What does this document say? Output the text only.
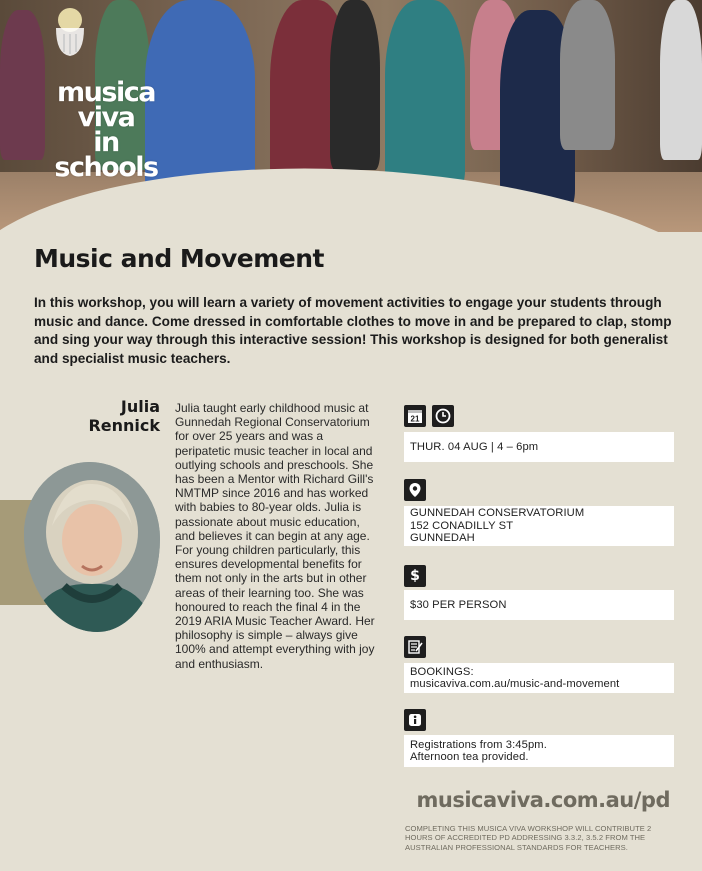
musica
viva
in
schools
Music and Movement

In this workshop, you will learn a variety of movement activities to engage your students through music and dance. Come dressed in comfortable clothes to move in and be prepared to clap, stomp and sing your way through this interactive session! This workshop is designed for both generalist and specialist music teachers.

Julia
Rennick

Julia taught early childhood music at Gunnedah Regional Conservatorium for over 25 years and was a peripatetic music teacher in local and outlying schools and preschools. She has been a Mentor with Richard Gill's NMTMP since 2016 and has worked with babies to 80-year olds. Julia is passionate about music education, and believes it can begin at any age. For young children particularly, this ensures developmental benefits for them not only in the arts but in other areas of their learning too. She was honoured to reach the final 4 in the 2019 ARIA Music Teacher Award. Her philosophy is simple – always give 100% and attempt everything with joy and enthusiasm.

21
THUR. 04 AUG | 4 – 6pm
GUNNEDAH CONSERVATORIUM
152 CONADILLY ST
GUNNEDAH
$
$30 PER PERSON
BOOKINGS:
musicaviva.com.au/music-and-movement
Registrations from 3:45pm.
Afternoon tea provided.
musicaviva.com.au/pd

COMPLETING THIS MUSICA VIVA WORKSHOP WILL CONTRIBUTE 2 HOURS OF ACCREDITED PD ADDRESSING 3.3.2, 3.5.2 FROM THE AUSTRALIAN PROFESSIONAL STANDARDS FOR TEACHERS.
